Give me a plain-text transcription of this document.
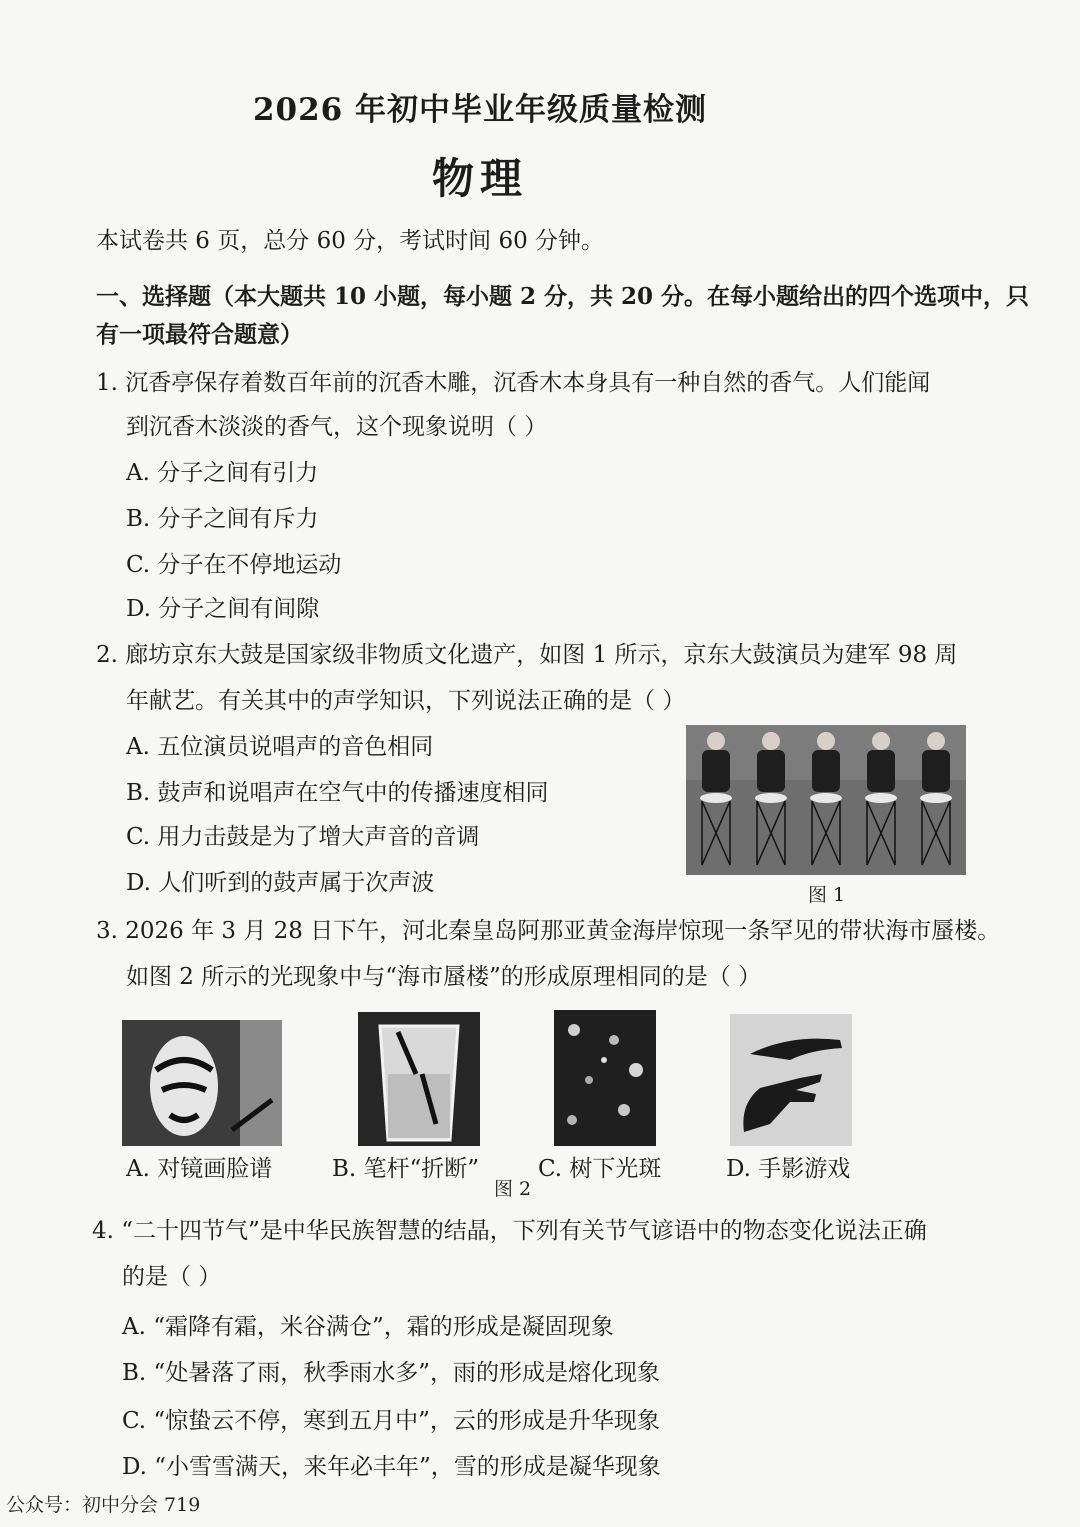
2026 年初中毕业年级质量检测
物理
本试卷共 6 页，总分 60 分，考试时间 60 分钟。
一、选择题（本大题共 10 小题，每小题 2 分，共 20 分。在每小题给出的四个选项中，只
有一项最符合题意）
1. 沉香亭保存着数百年前的沉香木雕，沉香木本身具有一种自然的香气。人们能闻
到沉香木淡淡的香气，这个现象说明（ ）
A. 分子之间有引力
B. 分子之间有斥力
C. 分子在不停地运动
D. 分子之间有间隙
2. 廊坊京东大鼓是国家级非物质文化遗产，如图 1 所示，京东大鼓演员为建军 98 周
年献艺。有关其中的声学知识，下列说法正确的是（ ）
A. 五位演员说唱声的音色相同
B. 鼓声和说唱声在空气中的传播速度相同
C. 用力击鼓是为了增大声音的音调
D. 人们听到的鼓声属于次声波	图 1
3. 2026 年 3 月 28 日下午，河北秦皇岛阿那亚黄金海岸惊现一条罕见的带状海市蜃楼。
如图 2 所示的光现象中与“海市蜃楼”的形成原理相同的是（ ）
A. 对镜画脸谱	B. 笔杆“折断”	C. 树下光斑	D. 手影游戏
图 2
4. “二十四节气”是中华民族智慧的结晶，下列有关节气谚语中的物态变化说法正确
的是（ ）
A. “霜降有霜，米谷满仓”，霜的形成是凝固现象
B. “处暑落了雨，秋季雨水多”，雨的形成是熔化现象
C. “惊蛰云不停，寒到五月中”，云的形成是升华现象
D. “小雪雪满天，来年必丰年”，雪的形成是凝华现象
公众号：初中分会 719
